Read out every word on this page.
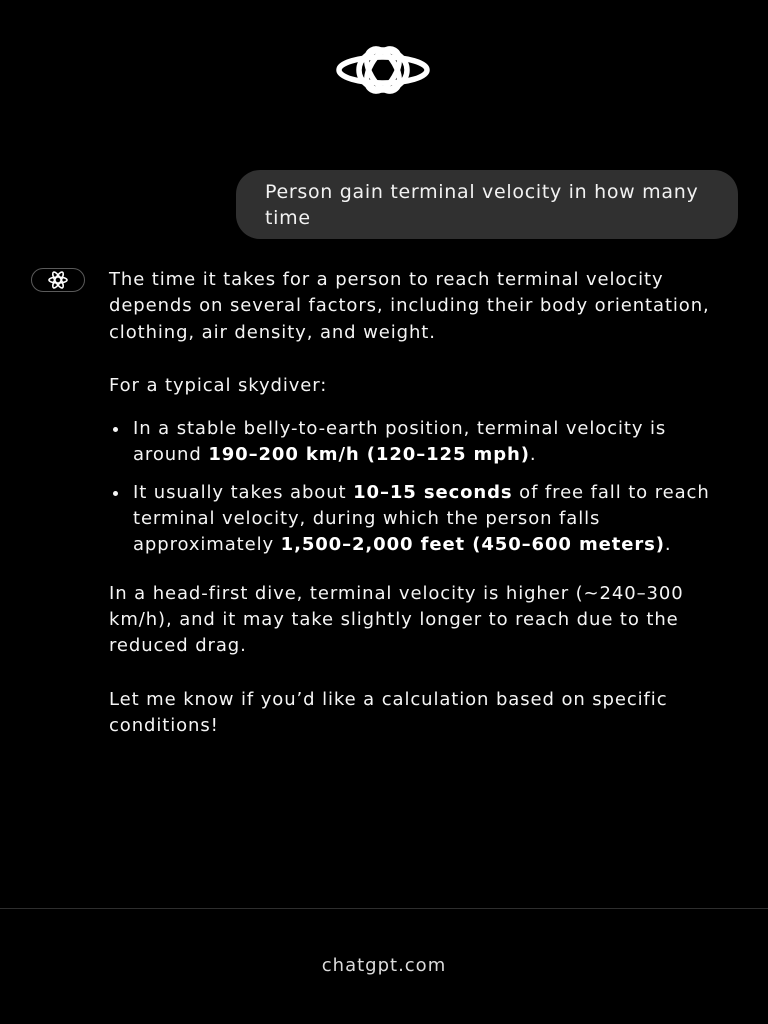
Person gain terminal velocity in how many time

The time it takes for a person to reach terminal velocity depends on several factors, including their body orientation, clothing, air density, and weight.

For a typical skydiver:

In a stable belly-to-earth position, terminal velocity is around 190–200 km/h (120–125 mph).
It usually takes about 10–15 seconds of free fall to reach terminal velocity, during which the person falls approximately 1,500–2,000 feet (450–600 meters).

In a head-first dive, terminal velocity is higher (~240–300 km/h), and it may take slightly longer to reach due to the reduced drag.

Let me know if you’d like a calculation based on specific conditions!

chatgpt.com
